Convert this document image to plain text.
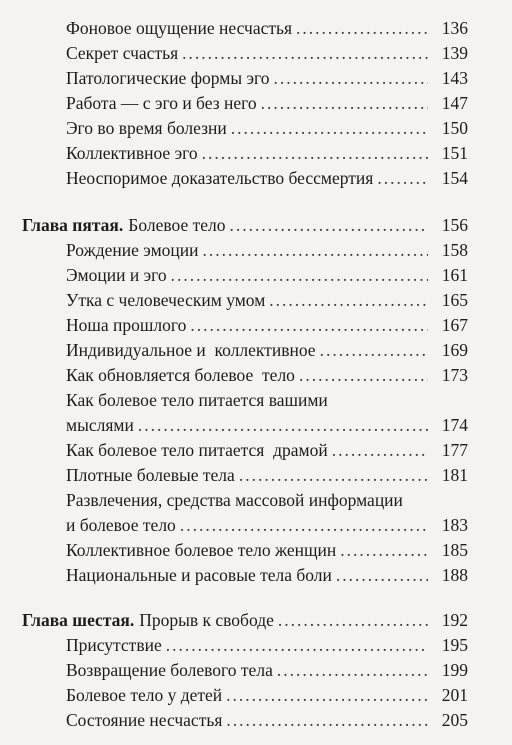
Фоновое ощущение несчастья .....	136
Секрет счастья .....	139
Патологические формы эго .....	143
Работа — с эго и без него .....	147
Эго во время болезни .....	150
Коллективное эго .....	151
Неоспоримое доказательство бессмертия .....	154
Глава пятая. Болевое тело .....	156
Рождение эмоции .....	158
Эмоции и эго .....	161
Утка с человеческим умом .....	165
Ноша прошлого .....	167
Индивидуальное и  коллективное .....	169
Как обновляется болевое  тело .....	173
Как болевое тело питается вашими
мыслями .....	174
Как болевое тело питается  драмой .....	177
Плотные болевые тела .....	181
Развлечения, средства массовой информации
и болевое тело .....	183
Коллективное болевое тело женщин .....	185
Национальные и расовые тела боли .....	188
Глава шестая. Прорыв к свободе .....	192
Присутствие .....	195
Возвращение болевого тела .....	199
Болевое тело у детей .....	201
Состояние несчастья .....	205
